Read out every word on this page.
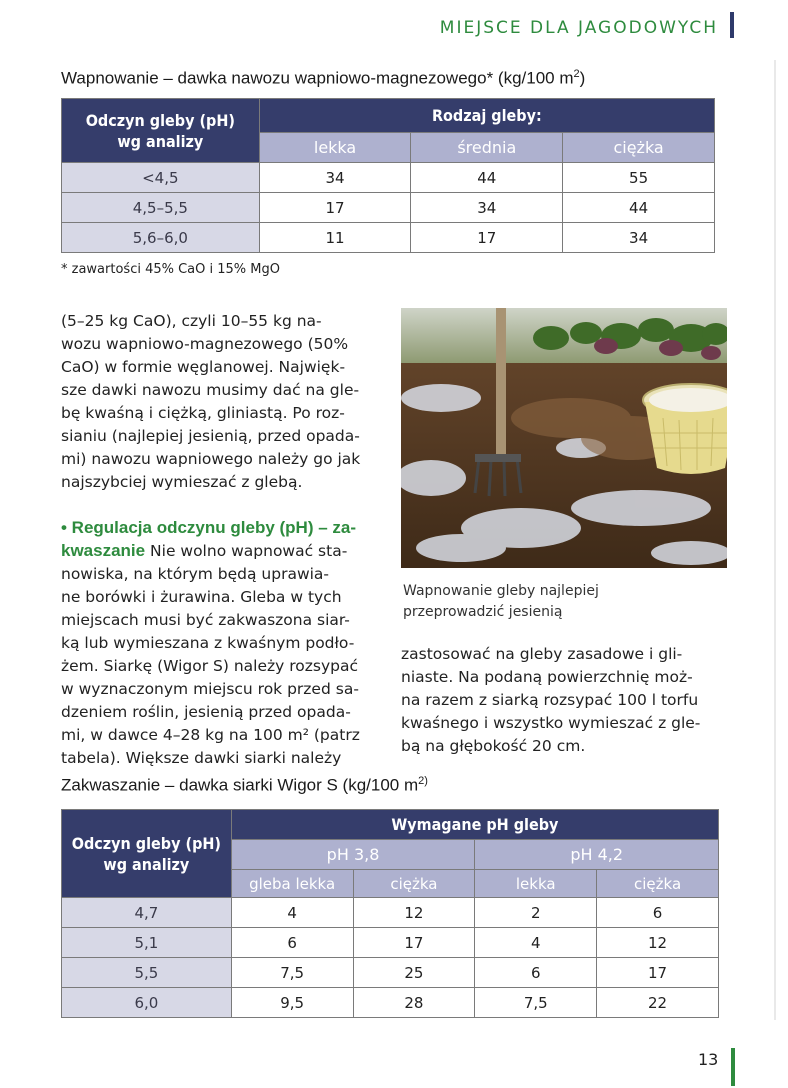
MIEJSCE DLA JAGODOWYCH
Wapnowanie – dawka nawozu wapniowo-magnezowego* (kg/100 $m^2$)
Odczyn gleby (pH)
wg analizy	Rodzaj gleby:		
	lekka	średnia	ciężka
<4,5	34	44	55
4,5–5,5	17	34	44
5,6–6,0	11	17	34
* zawartości 45% CaO i 15% MgO
(5–25 kg CaO), czyli 10–55 kg na-
wozu wapniowo-magnezowego (50%
CaO) w formie węglanowej. Najwięk-
sze dawki nawozu musimy dać na gle-
bę kwaśną i ciężką, gliniastą. Po roz-
sianiu (najlepiej jesienią, przed opada-
mi) nawozu wapniowego należy go jak
najszybciej wymieszać z glebą.
• Regulacja odczynu gleby (pH) – za-
kwaszanie Nie wolno wapnować sta-
nowiska, na którym będą uprawia-
ne borówki i żurawina. Gleba w tych
miejscach musi być zakwaszona siar-
ką lub wymieszana z kwaśnym podło-
żem. Siarkę (Wigor S) należy rozsypać
w wyznaczonym miejscu rok przed sa-
dzeniem roślin, jesienią przed opada-
mi, w dawce 4–28 kg na 100 m² (patrz
tabela). Większe dawki siarki należy
Wapnowanie gleby najlepiej
przeprowadzić jesienią
zastosować na gleby zasadowe i gli-
niaste. Na podaną powierzchnię moż-
na razem z siarką rozsypać 100 l torfu
kwaśnego i wszystko wymieszać z gle-
bą na głębokość 20 cm.
Zakwaszanie – dawka siarki Wigor S (kg/100 $m^{2)}$
Odczyn gleby (pH)
wg analizy	Wymagane pH gleby			
	pH 3,8		pH 4,2	
	gleba lekka	ciężka	lekka	ciężka
4,7	4	12	2	6
5,1	6	17	4	12
5,5	7,5	25	6	17
6,0	9,5	28	7,5	22
13
